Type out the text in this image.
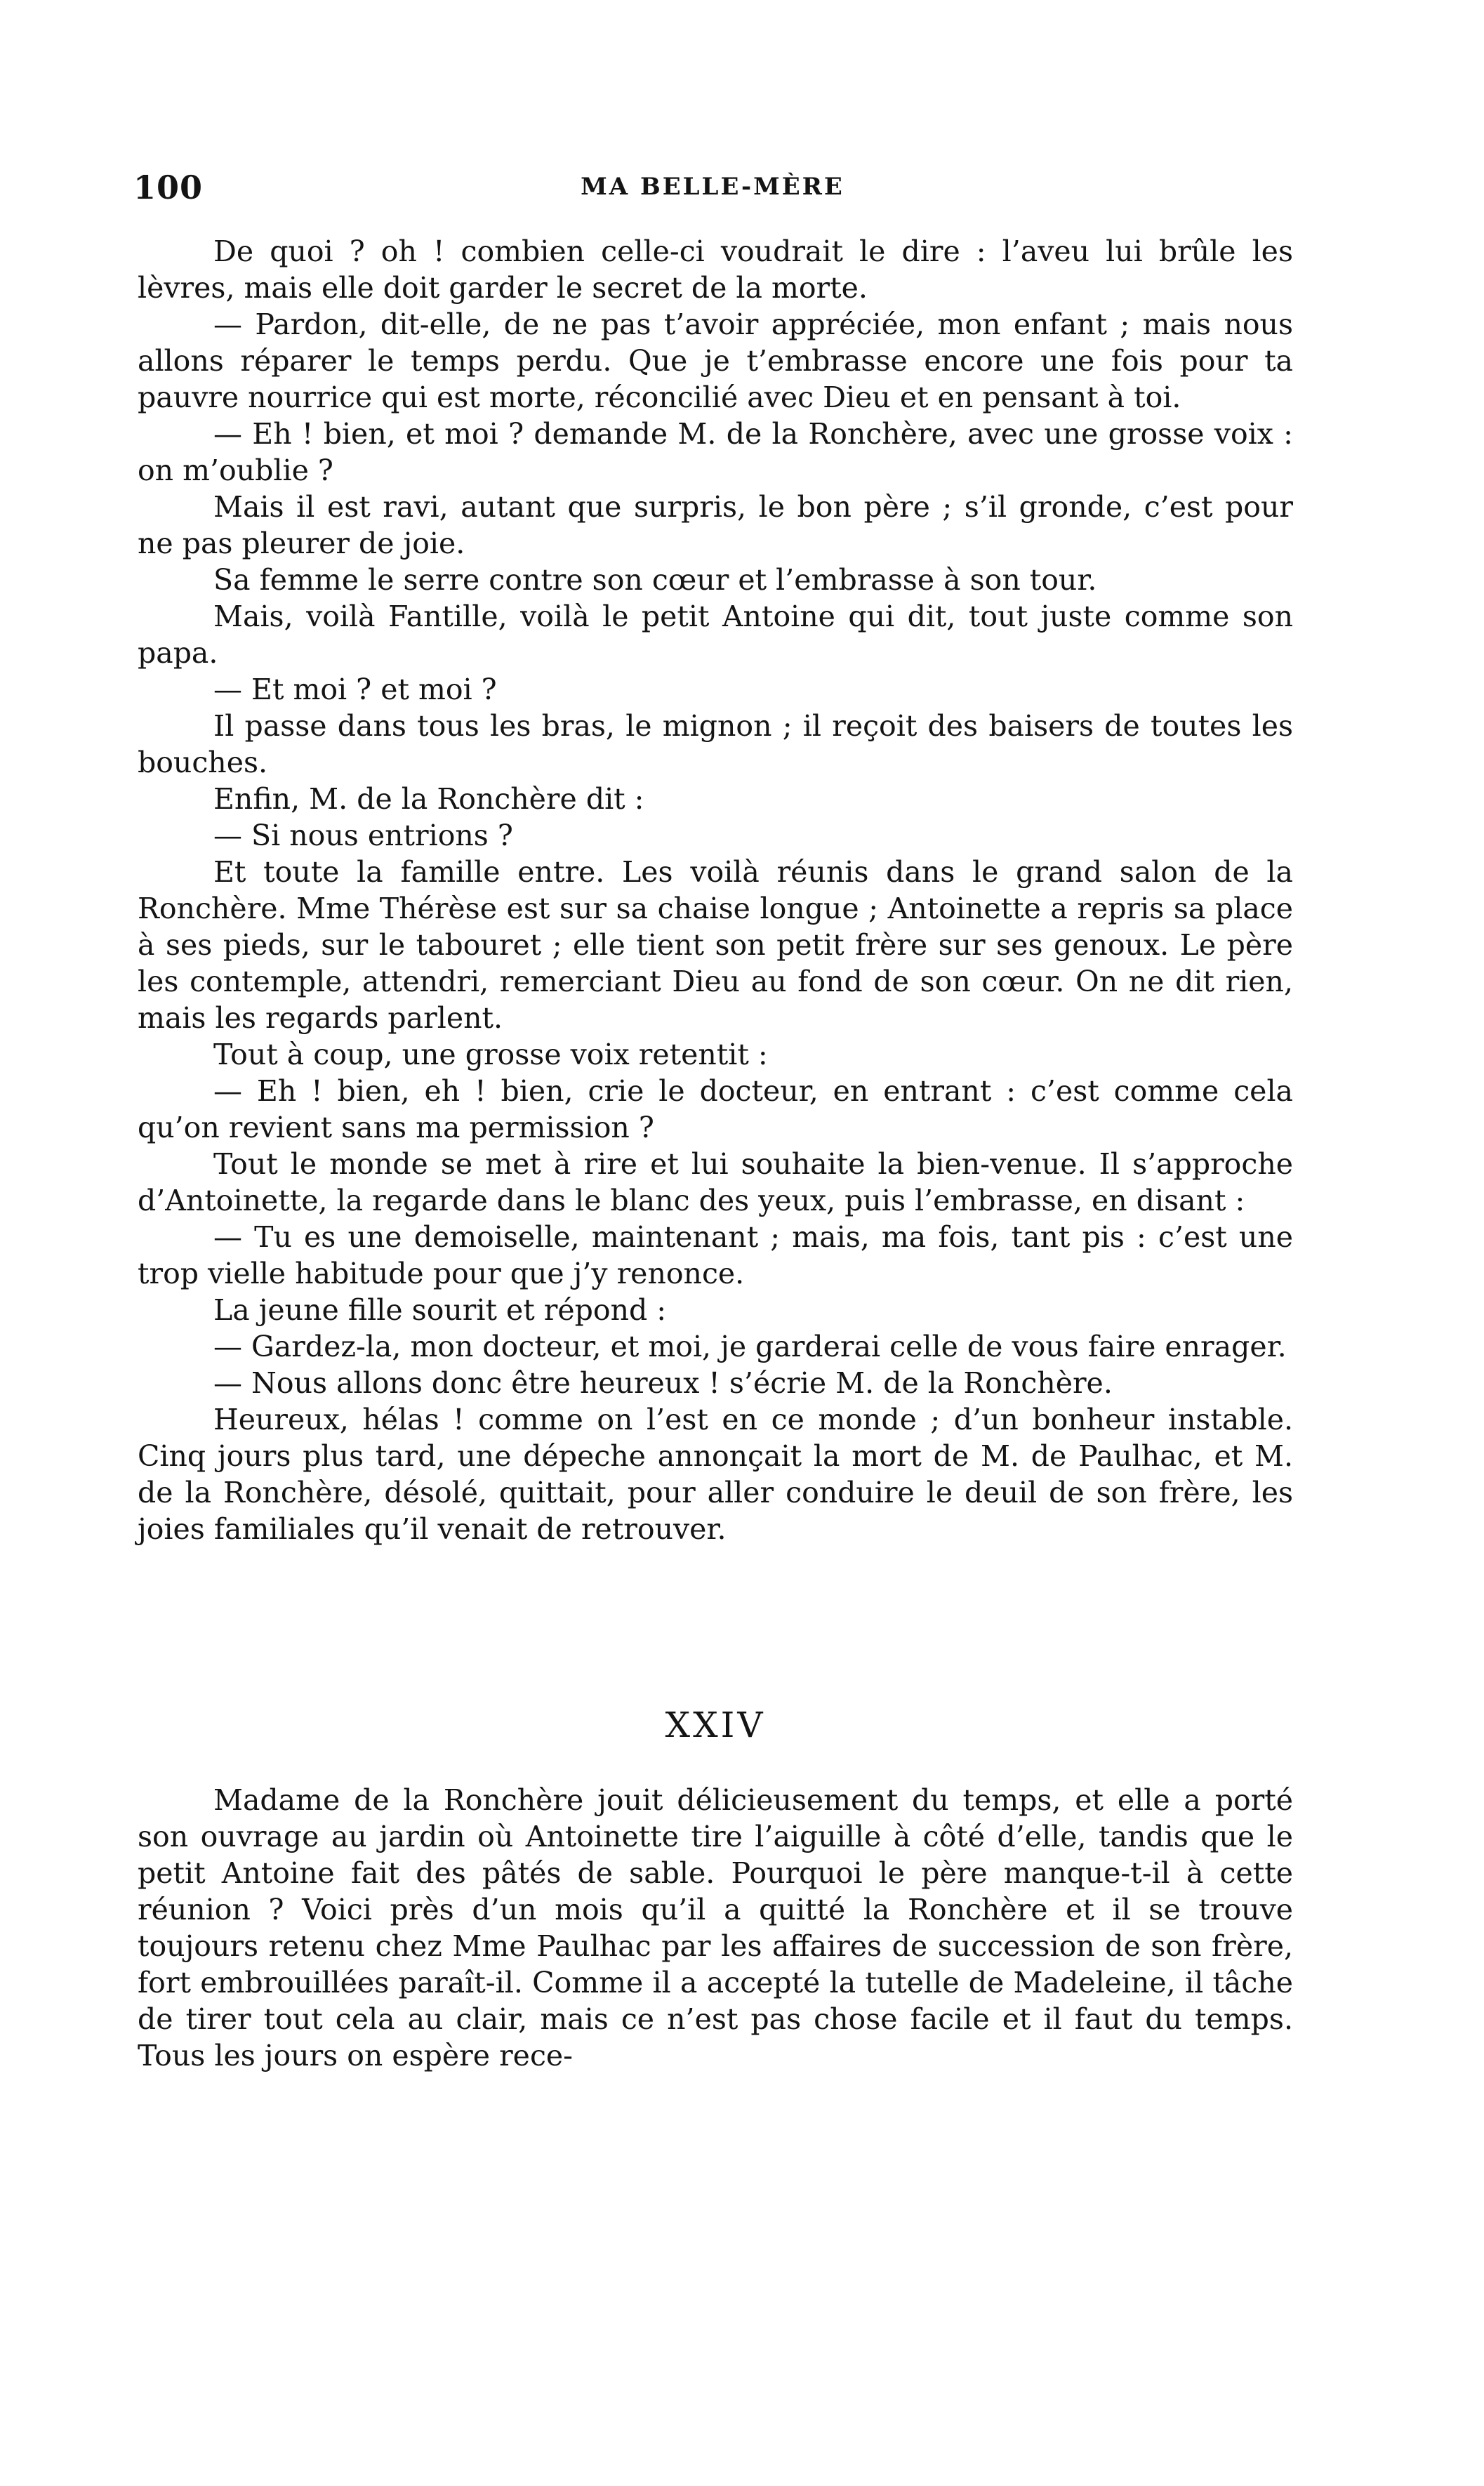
100	MA BELLE-MÈRE

De quoi ? oh ! combien celle-ci voudrait le dire : l’aveu lui brûle les lèvres, mais elle doit garder le secret de la morte.

— Pardon, dit-elle, de ne pas t’avoir appréciée, mon enfant ; mais nous allons réparer le temps perdu. Que je t’embrasse encore une fois pour ta pauvre nourrice qui est morte, réconcilié avec Dieu et en pensant à toi.

— Eh ! bien, et moi ? demande M. de la Ronchère, avec une grosse voix : on m’oublie ?

Mais il est ravi, autant que surpris, le bon père ; s’il gronde, c’est pour ne pas pleurer de joie.

Sa femme le serre contre son cœur et l’embrasse à son tour.

Mais, voilà Fantille, voilà le petit Antoine qui dit, tout juste comme son papa.

— Et moi ? et moi ?

Il passe dans tous les bras, le mignon ; il reçoit des baisers de toutes les bouches.

Enfin, M. de la Ronchère dit :

— Si nous entrions ?

Et toute la famille entre. Les voilà réunis dans le grand salon de la Ronchère. Mme Thérèse est sur sa chaise longue ; Antoinette a repris sa place à ses pieds, sur le tabouret ; elle tient son petit frère sur ses genoux. Le père les contemple, attendri, remerciant Dieu au fond de son cœur. On ne dit rien, mais les regards parlent.

Tout à coup, une grosse voix retentit :

— Eh ! bien, eh ! bien, crie le docteur, en entrant : c’est comme cela qu’on revient sans ma permission ?

Tout le monde se met à rire et lui souhaite la bien-venue. Il s’approche d’Antoinette, la regarde dans le blanc des yeux, puis l’embrasse, en disant :

— Tu es une demoiselle, maintenant ; mais, ma fois, tant pis : c’est une trop vielle habitude pour que j’y renonce.

La jeune fille sourit et répond :

— Gardez-la, mon docteur, et moi, je garderai celle de vous faire enrager.

— Nous allons donc être heureux ! s’écrie M. de la Ronchère.

Heureux, hélas ! comme on l’est en ce monde ; d’un bonheur instable. Cinq jours plus tard, une dépeche annonçait la mort de M. de Paulhac, et M. de la Ronchère, désolé, quittait, pour aller conduire le deuil de son frère, les joies familiales qu’il venait de retrouver.

XXIV

Madame de la Ronchère jouit délicieusement du temps, et elle a porté son ouvrage au jardin où Antoinette tire l’aiguille à côté d’elle, tandis que le petit Antoine fait des pâtés de sable. Pourquoi le père manque-t-il à cette réunion ? Voici près d’un mois qu’il a quitté la Ronchère et il se trouve toujours retenu chez Mme Paulhac par les affaires de succession de son frère, fort embrouillées paraît-il. Comme il a accepté la tutelle de Madeleine, il tâche de tirer tout cela au clair, mais ce n’est pas chose facile et il faut du temps. Tous les jours on espère rece-
